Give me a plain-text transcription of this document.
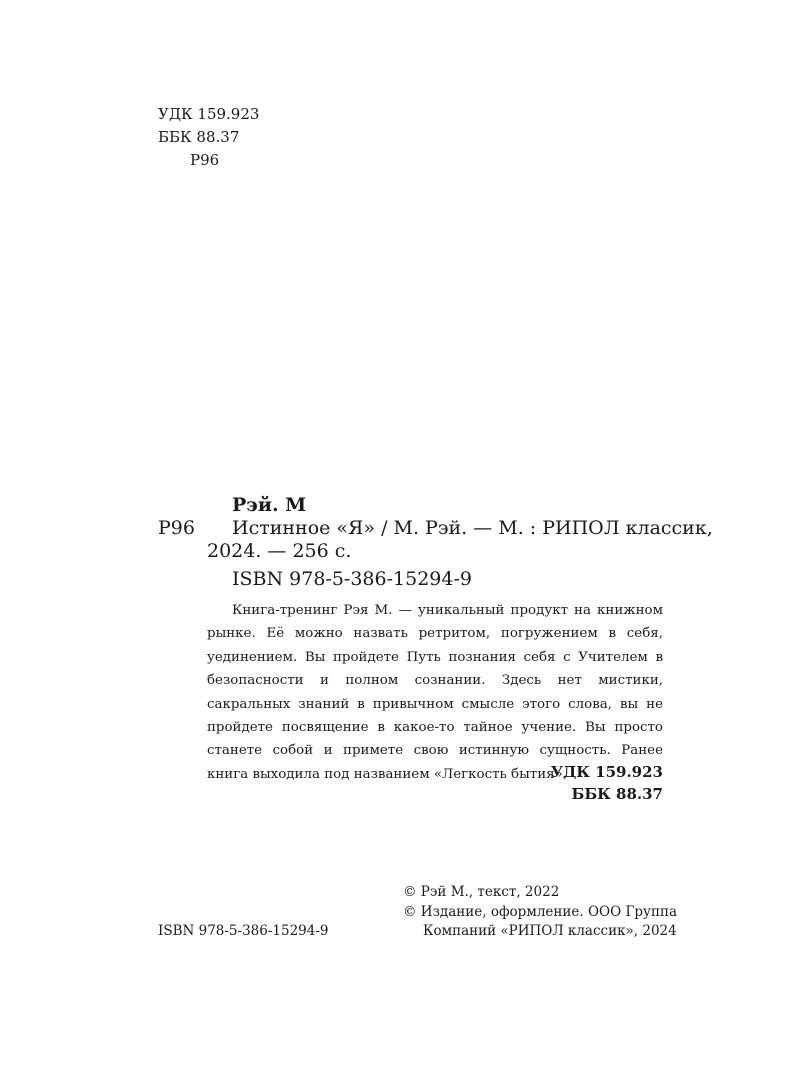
УДК 159.923
ББК 88.37
Р96
Рэй. М
Р96 Истинное «Я» / М. Рэй. — М. : РИПОЛ классик,
2024. — 256 с.
ISBN 978-5-386-15294-9

Книга-тренинг Рэя М. — уникальный продукт на книжном рынке. Её можно назвать ретритом, погружением в себя, уединением. Вы пройдете Путь познания себя с Учителем в безопасности и полном сознании. Здесь нет мистики, сакральных знаний в привычном смысле этого слова, вы не пройдете посвящение в какое-то тайное учение. Вы просто станете собой и примете свою истинную сущность. Ранее книга выходила под названием «Легкость бытия».

УДК 159.923
ББК 88.37
© Рэй М., текст, 2022
© Издание, оформление. ООО Группа
ISBN 978-5-386-15294-9	Компаний «РИПОЛ классик», 2024
